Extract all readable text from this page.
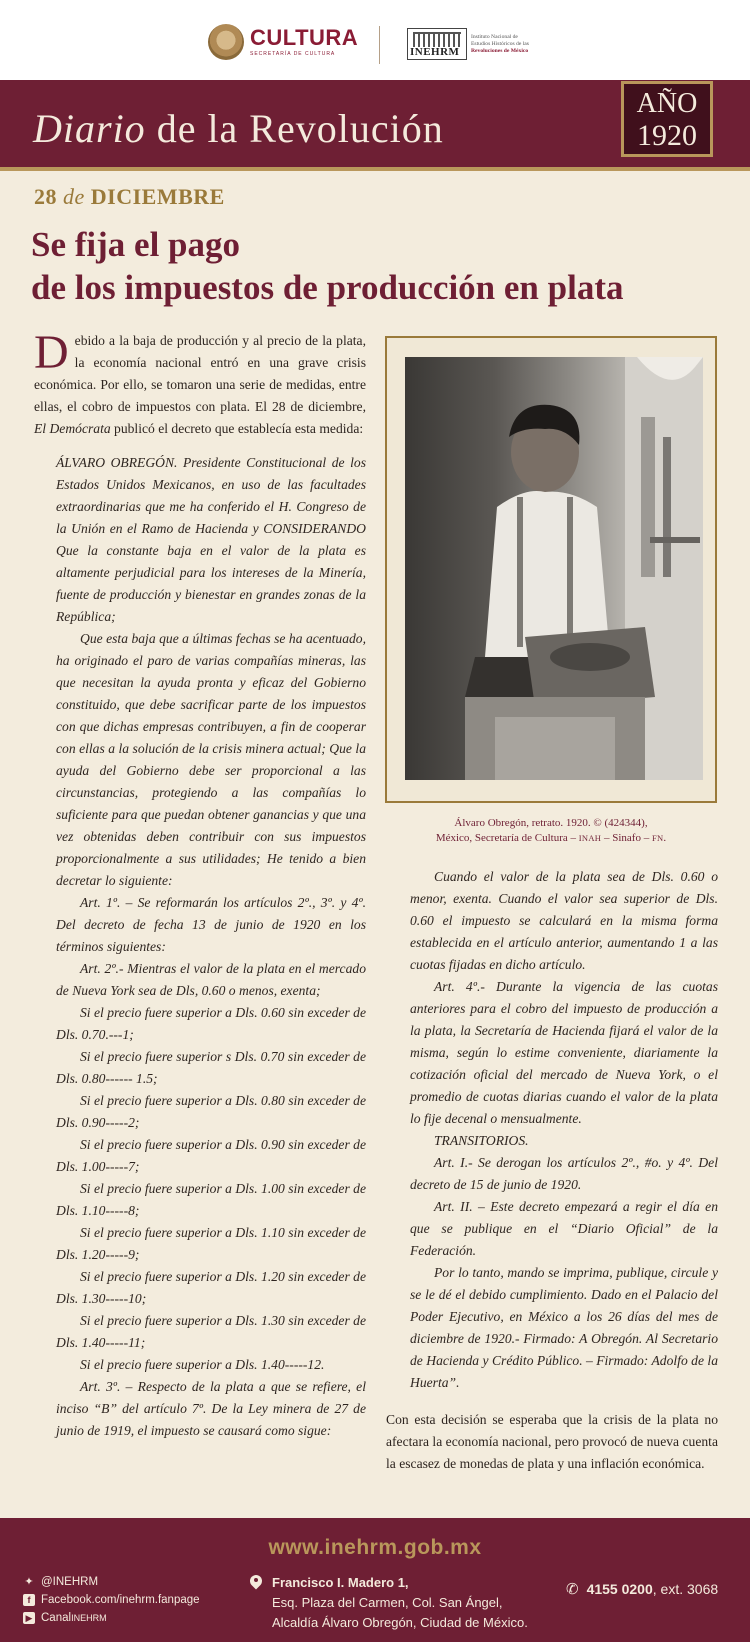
CULTURA
SECRETARÍA DE CULTURA	INEHRM
Instituto Nacional de
Estudios Históricos de las
Revoluciones de México
Diario de la Revolución
AÑO
1920
28 de DICIEMBRE
Se fija el pago
de los impuestos de producción en plata

Debido a la baja de producción y al precio de la plata, la economía nacional entró en una grave crisis económica. Por ello, se tomaron una serie de medidas, entre ellas, el cobro de impuestos con plata. El 28 de diciembre, El Demócrata publicó el decreto que establecía esta medida:

ÁLVARO OBREGÓN. Presidente Constitucional de los Estados Unidos Mexicanos, en uso de las facultades extraordinarias que me ha conferido el H. Congreso de la Unión en el Ramo de Hacienda y CONSIDERANDO Que la constante baja en el valor de la plata es altamente perjudicial para los intereses de la Minería, fuente de producción y bienestar en grandes zonas de la República;

Que esta baja que a últimas fechas se ha acentuado, ha originado el paro de varias compañías mineras, las que necesitan la ayuda pronta y eficaz del Gobierno constituido, que debe sacrificar parte de los impuestos con que dichas empresas contribuyen, a fin de cooperar con ellas a la solución de la crisis minera actual; Que la ayuda del Gobierno debe ser proporcional a las circunstancias, protegiendo a las compañías lo suficiente para que puedan obtener ganancias y que una vez obtenidas deben contribuir con sus impuestos proporcionalmente a sus utilidades; He tenido a bien decretar lo siguiente:

Art. 1º. – Se reformarán los artículos 2º., 3º. y 4º. Del decreto de fecha 13 de junio de 1920 en los términos siguientes:

Art. 2º.- Mientras el valor de la plata en el mercado de Nueva York sea de Dls, 0.60 o menos, exenta;

Si el precio fuere superior a Dls. 0.60 sin exceder de Dls. 0.70.---1;

Si el precio fuere superior s Dls. 0.70 sin exceder de Dls. 0.80------ 1.5;

Si el precio fuere superior a Dls. 0.80 sin exceder de Dls. 0.90-----2;

Si el precio fuere superior a Dls. 0.90 sin exceder de Dls. 1.00-----7;

Si el precio fuere superior a Dls. 1.00 sin exceder de Dls. 1.10-----8;

Si el precio fuere superior a Dls. 1.10 sin exceder de Dls. 1.20-----9;

Si el precio fuere superior a Dls. 1.20 sin exceder de Dls. 1.30-----10;

Si el precio fuere superior a Dls. 1.30 sin exceder de Dls. 1.40-----11;

Si el precio fuere superior a Dls. 1.40-----12.

Art. 3º. – Respecto de la plata a que se refiere, el inciso “B” del artículo 7º. De la Ley minera de 27 de junio de 1919, el impuesto se causará como sigue:

Álvaro Obregón, retrato. 1920. © (424344),
México, Secretaría de Cultura – INAH – Sinafo – FN.

Cuando el valor de la plata sea de Dls. 0.60 o menor, exenta. Cuando el valor sea superior de Dls. 0.60 el impuesto se calculará en la misma forma establecida en el artículo anterior, aumentando 1 a las cuotas fijadas en dicho artículo.

Art. 4º.- Durante la vigencia de las cuotas anteriores para el cobro del impuesto de producción a la plata, la Secretaría de Hacienda fijará el valor de la misma, según lo estime conveniente, diariamente la cotización oficial del mercado de Nueva York, o el promedio de cuotas diarias cuando el valor de la plata lo fije decenal o mensualmente.

TRANSITORIOS.

Art. I.- Se derogan los artículos 2º., #o. y 4º. Del decreto de 15 de junio de 1920.

Art. II. – Este decreto empezará a regir el día en que se publique en el “Diario Oficial” de la Federación.

Por lo tanto, mando se imprima, publique, circule y se le dé el debido cumplimiento. Dado en el Palacio del Poder Ejecutivo, en México a los 26 días del mes de diciembre de 1920.- Firmado: A Obregón. Al Secretario de Hacienda y Crédito Público. – Firmado: Adolfo de la Huerta”.

Con esta decisión se esperaba que la crisis de la plata no afectara la economía nacional, pero provocó de nueva cuenta la escasez de monedas de plata y una inflación económica.
www.inehrm.gob.mx
✦ @INEHRM
f Facebook.com/inehrm.fanpage
▶ Canal INEHRM
Francisco I. Madero 1,
Esq. Plaza del Carmen, Col. San Ángel,
Alcaldía Álvaro Obregón, Ciudad de México.
✆ 4155 0200 , ext. 3068
